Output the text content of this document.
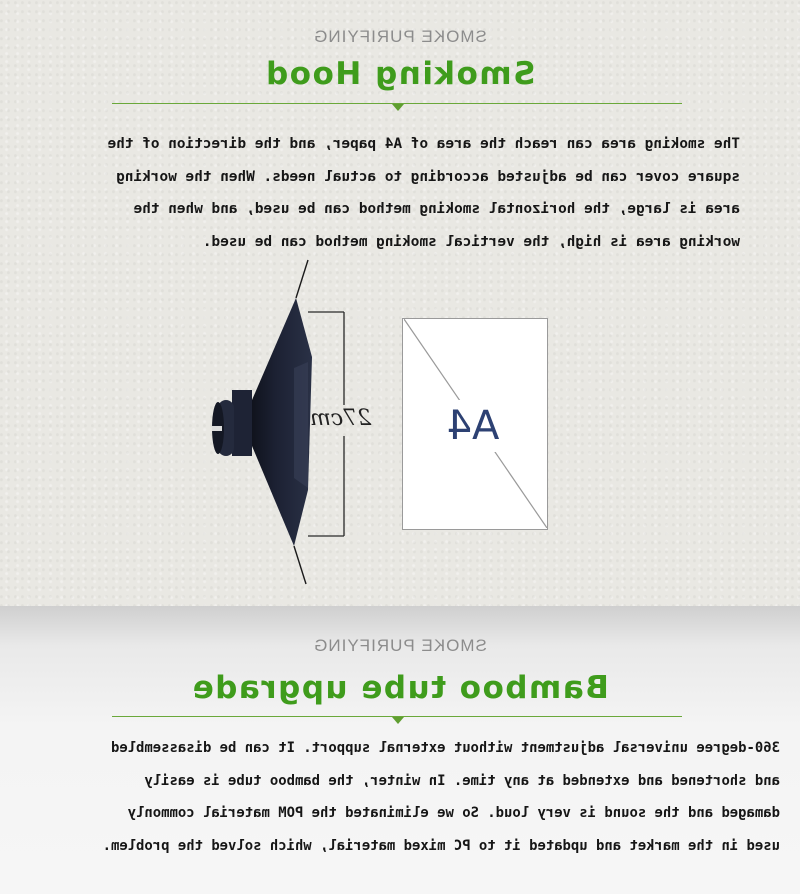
SMOKE PURIFYING
Smoking Hood
The smoking area can reach the area of A4 paper, and the direction of the
square cover can be adjusted according to actual needs. When the working
area is large, the horizontal smoking method can be used, and when the
working area is high, the vertical smoking method can be used.
A4
27cm
SMOKE PURIFYING
Bamboo tube upgrade
360-degree universal adjustment without external support. It can be disassembled
and shortened and extended at any time. In winter, the bamboo tube is easily
damaged and the sound is very loud. So we eliminated the POM material commonly
used in the market and updated it to PC mixed material, which solved the problem.
